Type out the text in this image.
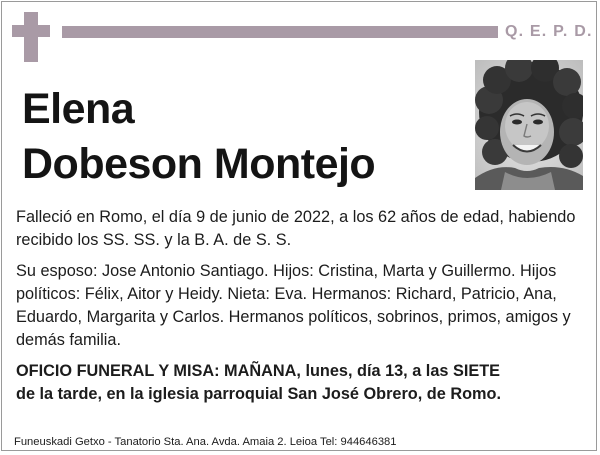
Q. E. P. D.
Elena
Dobeson Montejo

Falleció en Romo, el día 9 de junio de 2022, a los 62 años de edad, habiendo recibido los SS. SS. y la B. A. de S. S.

Su esposo: Jose Antonio Santiago. Hijos: Cristina, Marta y Guillermo. Hijos políticos: Félix, Aitor y Heidy. Nieta: Eva. Hermanos: Richard, Patricio, Ana, Eduardo, Margarita y Carlos. Hermanos políticos, sobrinos, primos, amigos y demás familia.

OFICIO FUNERAL Y MISA: MAÑANA, lunes, día 13, a las SIETE
de la tarde, en la iglesia parroquial San José Obrero, de Romo.

Funeuskadi Getxo - Tanatorio Sta. Ana. Avda. Amaia 2. Leioa Tel: 944646381
